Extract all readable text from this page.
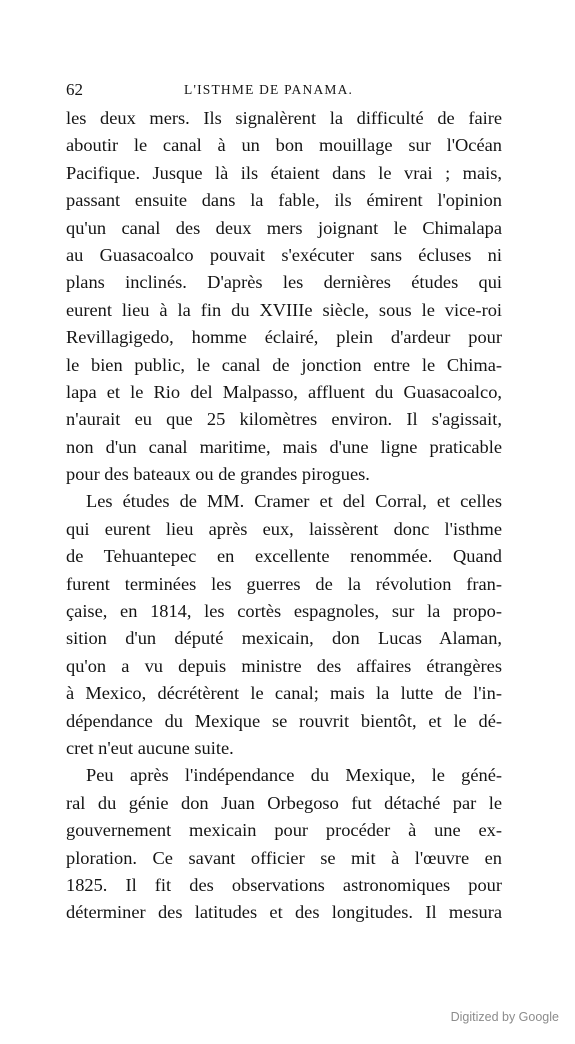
62	L'ISTHME DE PANAMA.
les deux mers. Ils signalèrent la difficulté de faire
aboutir le canal à un bon mouillage sur l'Océan
Pacifique. Jusque là ils étaient dans le vrai ; mais,
passant ensuite dans la fable, ils émirent l'opinion
qu'un canal des deux mers joignant le Chimalapa
au Guasacoalco pouvait s'exécuter sans écluses ni
plans inclinés. D'après les dernières études qui
eurent lieu à la fin du XVIIIe siècle, sous le vice-roi
Revillagigedo, homme éclairé, plein d'ardeur pour
le bien public, le canal de jonction entre le Chima-
lapa et le Rio del Malpasso, affluent du Guasacoalco,
n'aurait eu que 25 kilomètres environ. Il s'agissait,
non d'un canal maritime, mais d'une ligne praticable
pour des bateaux ou de grandes pirogues.
Les études de MM. Cramer et del Corral, et celles
qui eurent lieu après eux, laissèrent donc l'isthme
de Tehuantepec en excellente renommée. Quand
furent terminées les guerres de la révolution fran-
çaise, en 1814, les cortès espagnoles, sur la propo-
sition d'un député mexicain, don Lucas Alaman,
qu'on a vu depuis ministre des affaires étrangères
à Mexico, décrétèrent le canal; mais la lutte de l'in-
dépendance du Mexique se rouvrit bientôt, et le dé-
cret n'eut aucune suite.
Peu après l'indépendance du Mexique, le géné-
ral du génie don Juan Orbegoso fut détaché par le
gouvernement mexicain pour procéder à une ex-
ploration. Ce savant officier se mit à l'œuvre en
1825. Il fit des observations astronomiques pour
déterminer des latitudes et des longitudes. Il mesura
Digitized by Google
